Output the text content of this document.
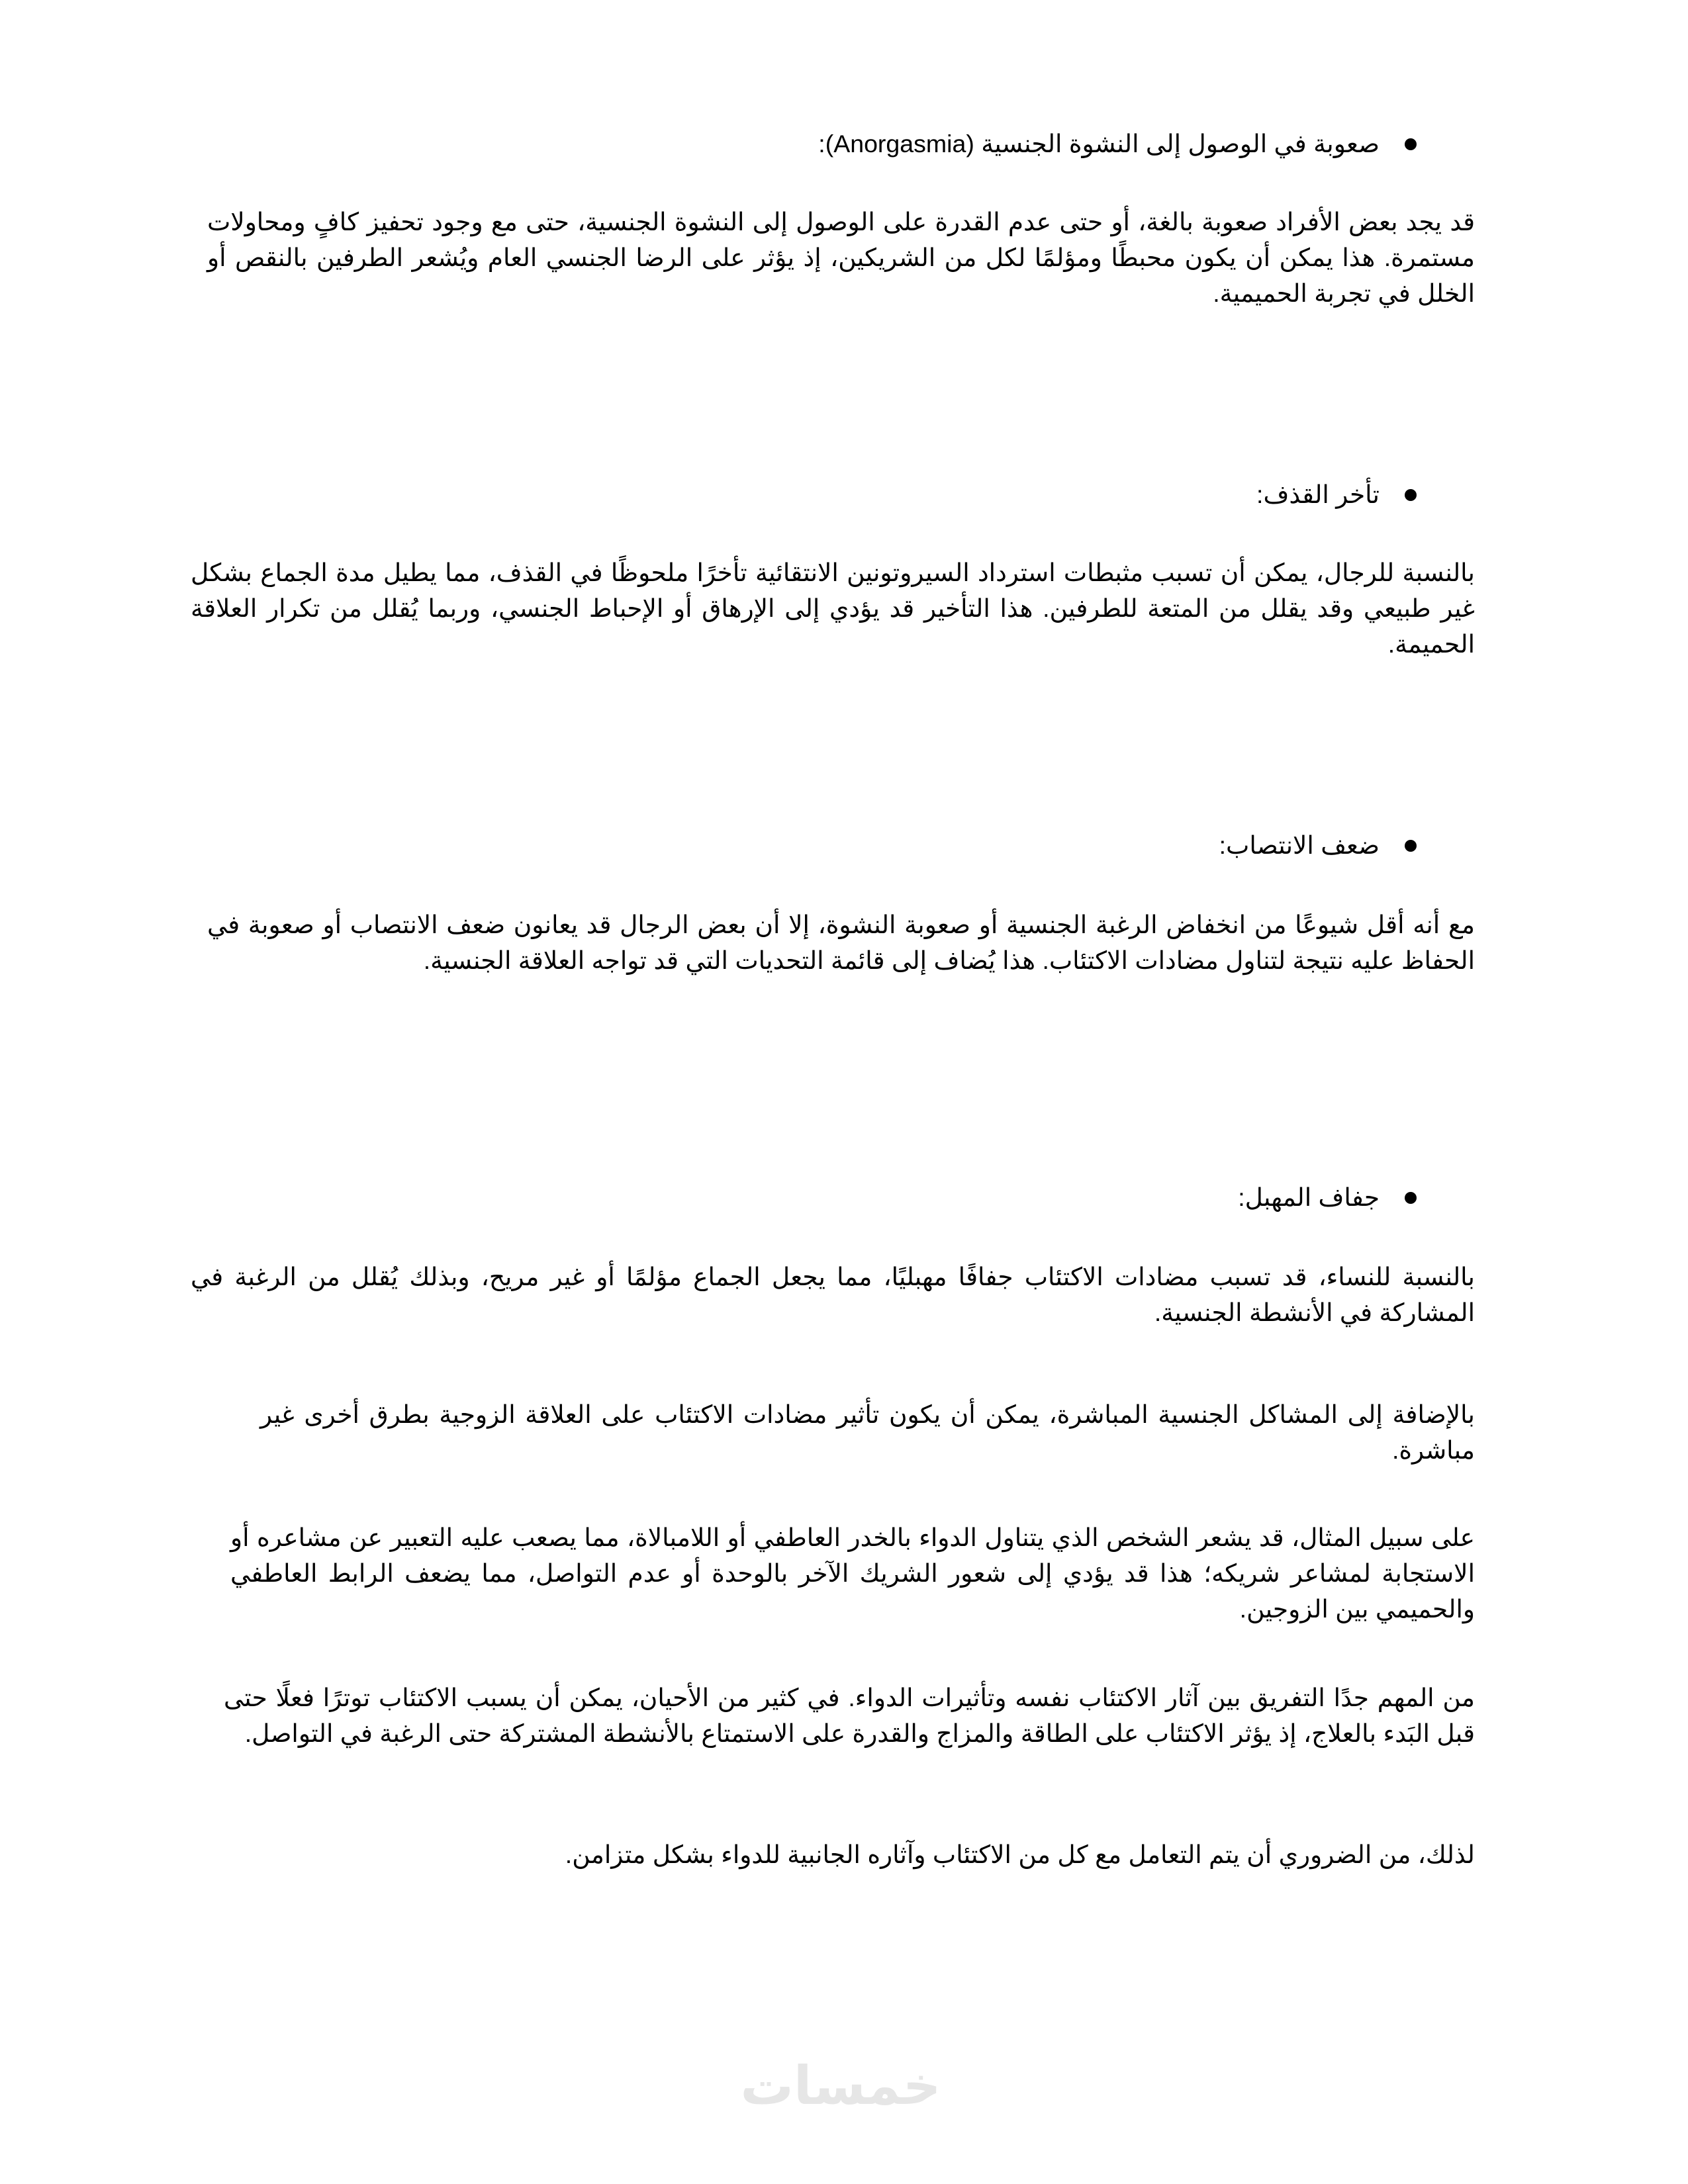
صعوبة في الوصول إلى النشوة الجنسية (Anorgasmia):

قد يجد بعض الأفراد صعوبة بالغة، أو حتى عدم القدرة على الوصول إلى النشوة الجنسية، حتى مع وجود تحفيز كافٍ ومحاولات مستمرة. هذا يمكن أن يكون محبطًا ومؤلمًا لكل من الشريكين، إذ يؤثر على الرضا الجنسي العام ويُشعر الطرفين بالنقص أو الخلل في تجربة الحميمية.

تأخر القذف:

بالنسبة للرجال، يمكن أن تسبب مثبطات استرداد السيروتونين الانتقائية تأخرًا ملحوظًا في القذف، مما يطيل مدة الجماع بشكل غير طبيعي وقد يقلل من المتعة للطرفين. هذا التأخير قد يؤدي إلى الإرهاق أو الإحباط الجنسي، وربما يُقلل من تكرار العلاقة الحميمة.

ضعف الانتصاب:

مع أنه أقل شيوعًا من انخفاض الرغبة الجنسية أو صعوبة النشوة، إلا أن بعض الرجال قد يعانون ضعف الانتصاب أو صعوبة في الحفاظ عليه نتيجة لتناول مضادات الاكتئاب. هذا يُضاف إلى قائمة التحديات التي قد تواجه العلاقة الجنسية.

جفاف المهبل:

بالنسبة للنساء، قد تسبب مضادات الاكتئاب جفافًا مهبليًا، مما يجعل الجماع مؤلمًا أو غير مريح، وبذلك يُقلل من الرغبة في المشاركة في الأنشطة الجنسية.

بالإضافة إلى المشاكل الجنسية المباشرة، يمكن أن يكون تأثير مضادات الاكتئاب على العلاقة الزوجية بطرق أخرى غير مباشرة.

على سبيل المثال، قد يشعر الشخص الذي يتناول الدواء بالخدر العاطفي أو اللامبالاة، مما يصعب عليه التعبير عن مشاعره أو الاستجابة لمشاعر شريكه؛ هذا قد يؤدي إلى شعور الشريك الآخر بالوحدة أو عدم التواصل، مما يضعف الرابط العاطفي والحميمي بين الزوجين.

من المهم جدًا التفريق بين آثار الاكتئاب نفسه وتأثيرات الدواء. في كثير من الأحيان، يمكن أن يسبب الاكتئاب توترًا فعلًا حتى قبل البَدء بالعلاج، إذ يؤثر الاكتئاب على الطاقة والمزاج والقدرة على الاستمتاع بالأنشطة المشتركة حتى الرغبة في التواصل.

لذلك، من الضروري أن يتم التعامل مع كل من الاكتئاب وآثاره الجانبية للدواء بشكل متزامن.

خمسات
